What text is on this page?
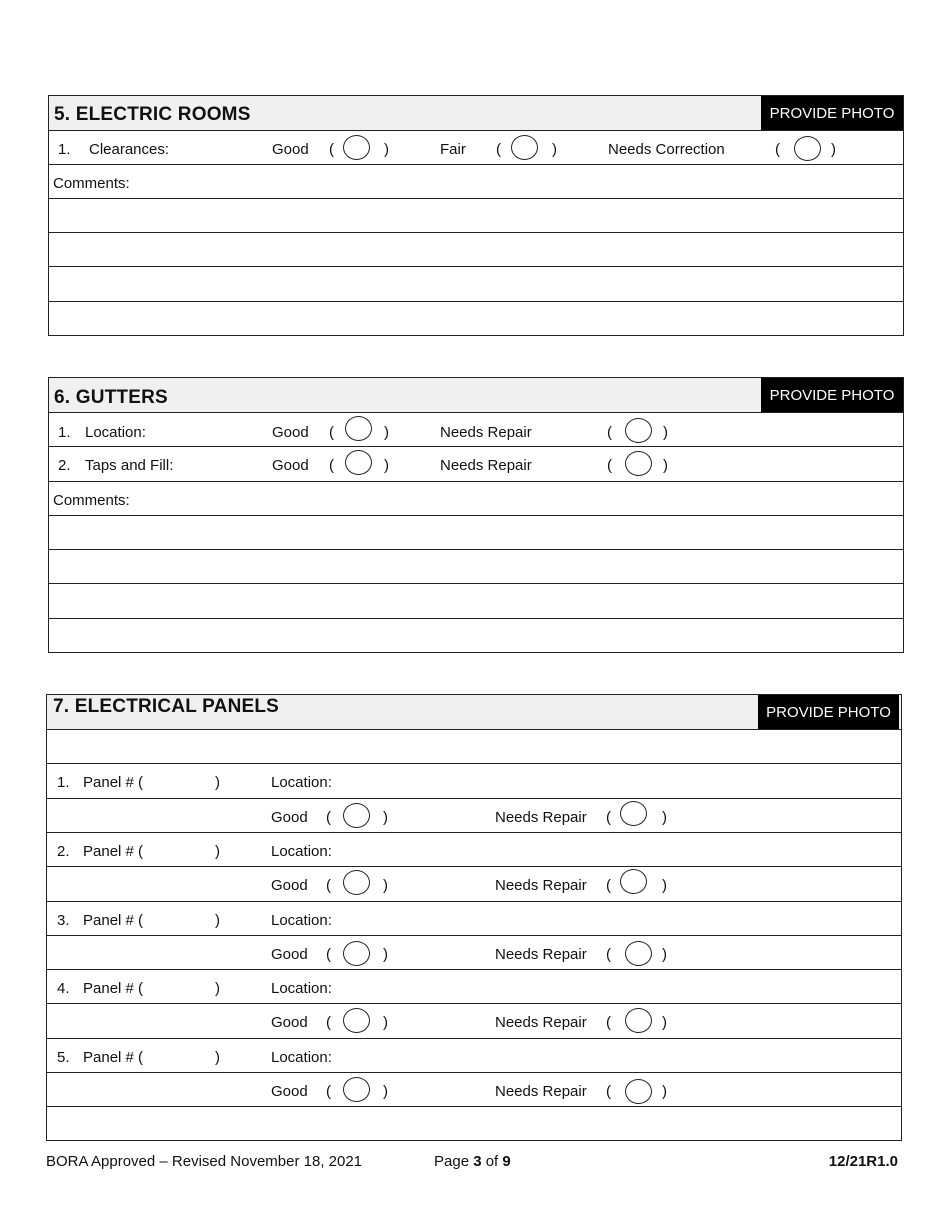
5. ELECTRIC ROOMS	PROVIDE PHOTO
1. Clearances:	Good (	)	Fair (	)	Needs Correction	(	)
Comments:
6. GUTTERS	PROVIDE PHOTO
1. Location:	Good (	)	Needs Repair	(	)
2. Taps and Fill:	Good (	)	Needs Repair	(	)
Comments:
7. ELECTRICAL PANELS	PROVIDE PHOTO
1. Panel # (	)	Location:
Good (	)	Needs Repair (	)
2. Panel # (	)	Location:
Good (	)	Needs Repair (	)
3. Panel # (	)	Location:
Good (	)	Needs Repair (	)
4. Panel # (	)	Location:
Good (	)	Needs Repair (	)
5. Panel # (	)	Location:
Good (	)	Needs Repair (	)
BORA Approved – Revised November 18, 2021	Page 3 of 9	12/21R1.0
